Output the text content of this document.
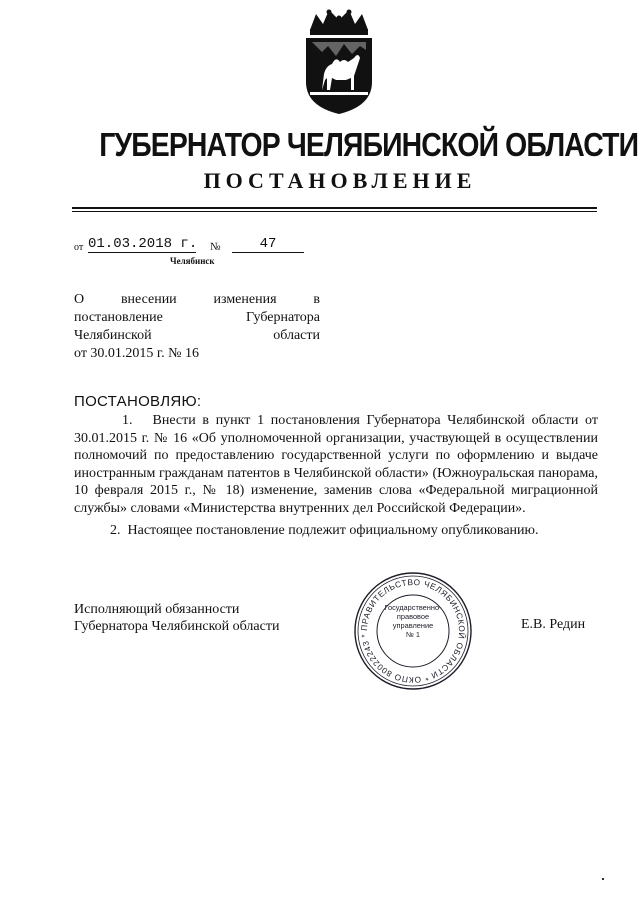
ГУБЕРНАТОР ЧЕЛЯБИНСКОЙ ОБЛАСТИ
ПОСТАНОВЛЕНИЕ
от 01.03.2018 г. №	47
Челябинск
О	внесении	изменения	в
постановление	Губернатора
Челябинской	области
от 30.01.2015 г. № 16
ПОСТАНОВЛЯЮ:

1. Внести в пункт 1 постановления Губернатора Челябинской области от 30.01.2015 г. № 16 «Об уполномоченной организации, участвующей в осуществлении полномочий по предоставлению государственной услуги по оформлению и выдаче иностранным гражданам патентов в Челябинской области» (Южноуральская панорама, 10 февраля 2015 г., № 18) изменение, заменив слова «Федеральной миграционной службы» словами «Министерства внутренних дел Российской Федерации».

2. Настоящее постановление подлежит официальному опубликованию.

Исполняющий обязанности
Губернатора Челябинской области	Е.В. Редин
ПРАВИТЕЛЬСТВО ЧЕЛЯБИНСКОЙ ОБЛАСТИ * ОКПО 80022243 *
Государственно-
правовое
управление
№ 1
